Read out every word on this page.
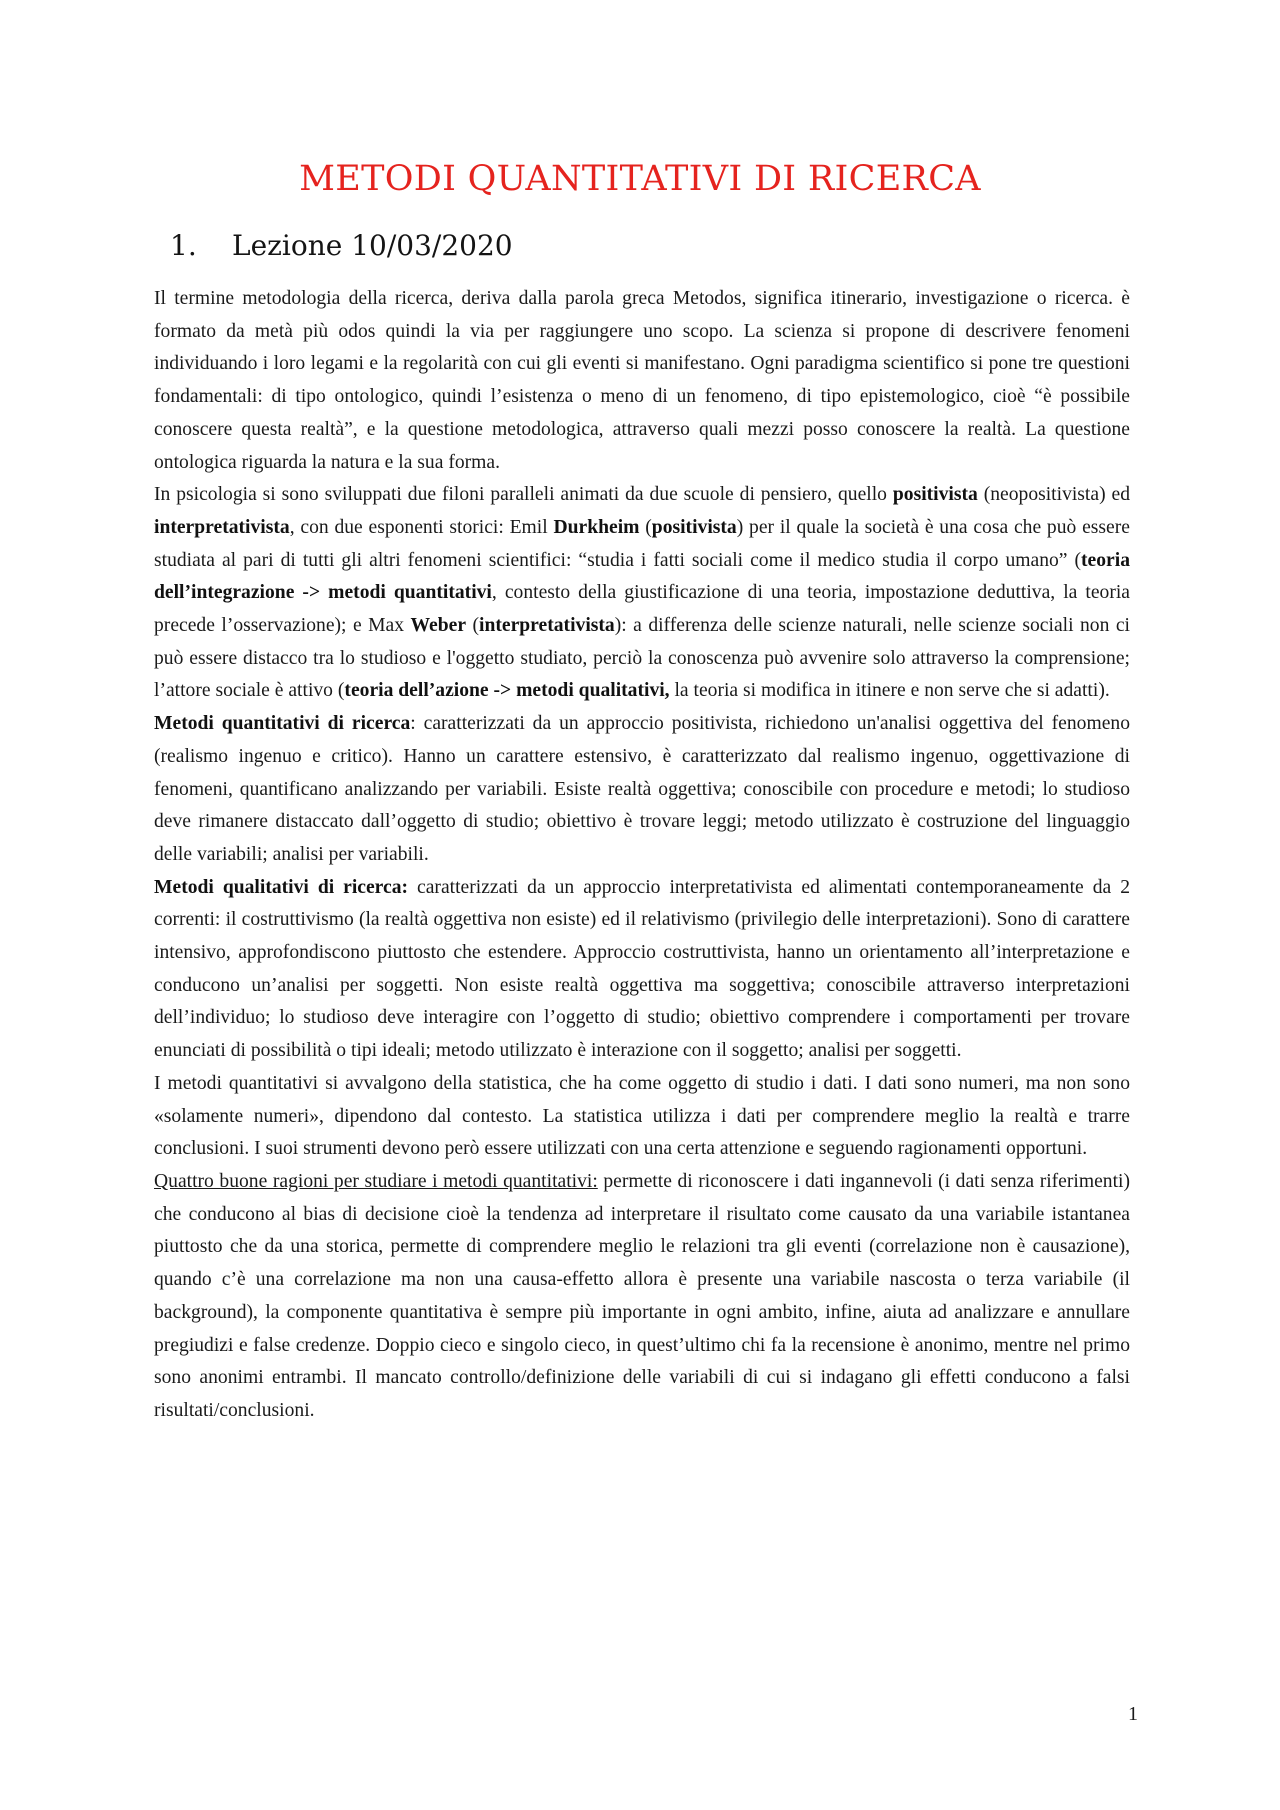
METODI QUANTITATIVI DI RICERCA
1. Lezione 10/03/2020

Il termine metodologia della ricerca, deriva dalla parola greca Metodos, significa itinerario, investigazione o ricerca. è formato da metà più odos quindi la via per raggiungere uno scopo. La scienza si propone di descrivere fenomeni individuando i loro legami e la regolarità con cui gli eventi si manifestano. Ogni paradigma scientifico si pone tre questioni fondamentali: di tipo ontologico, quindi l’esistenza o meno di un fenomeno, di tipo epistemologico, cioè “è possibile conoscere questa realtà”, e la questione metodologica, attraverso quali mezzi posso conoscere la realtà. La questione ontologica riguarda la natura e la sua forma.

In psicologia si sono sviluppati due filoni paralleli animati da due scuole di pensiero, quello positivista (neopositivista) ed interpretativista, con due esponenti storici: Emil Durkheim (positivista) per il quale la società è una cosa che può essere studiata al pari di tutti gli altri fenomeni scientifici: “studia i fatti sociali come il medico studia il corpo umano” (teoria dell’integrazione -> metodi quantitativi, contesto della giustificazione di una teoria, impostazione deduttiva, la teoria precede l’osservazione); e Max Weber (interpretativista): a differenza delle scienze naturali, nelle scienze sociali non ci può essere distacco tra lo studioso e l'oggetto studiato, perciò la conoscenza può avvenire solo attraverso la comprensione; l’attore sociale è attivo (teoria dell’azione -> metodi qualitativi, la teoria si modifica in itinere e non serve che si adatti).

Metodi quantitativi di ricerca: caratterizzati da un approccio positivista, richiedono un'analisi oggettiva del fenomeno (realismo ingenuo e critico). Hanno un carattere estensivo, è caratterizzato dal realismo ingenuo, oggettivazione di fenomeni, quantificano analizzando per variabili. Esiste realtà oggettiva; conoscibile con procedure e metodi; lo studioso deve rimanere distaccato dall’oggetto di studio; obiettivo è trovare leggi; metodo utilizzato è costruzione del linguaggio delle variabili; analisi per variabili.

Metodi qualitativi di ricerca: caratterizzati da un approccio interpretativista ed alimentati contemporaneamente da 2 correnti: il costruttivismo (la realtà oggettiva non esiste) ed il relativismo (privilegio delle interpretazioni). Sono di carattere intensivo, approfondiscono piuttosto che estendere. Approccio costruttivista, hanno un orientamento all’interpretazione e conducono un’analisi per soggetti. Non esiste realtà oggettiva ma soggettiva; conoscibile attraverso interpretazioni dell’individuo; lo studioso deve interagire con l’oggetto di studio; obiettivo comprendere i comportamenti per trovare enunciati di possibilità o tipi ideali; metodo utilizzato è interazione con il soggetto; analisi per soggetti.

I metodi quantitativi si avvalgono della statistica, che ha come oggetto di studio i dati. I dati sono numeri, ma non sono «solamente numeri», dipendono dal contesto. La statistica utilizza i dati per comprendere meglio la realtà e trarre conclusioni. I suoi strumenti devono però essere utilizzati con una certa attenzione e seguendo ragionamenti opportuni.

Quattro buone ragioni per studiare i metodi quantitativi: permette di riconoscere i dati ingannevoli (i dati senza riferimenti) che conducono al bias di decisione cioè la tendenza ad interpretare il risultato come causato da una variabile istantanea piuttosto che da una storica, permette di comprendere meglio le relazioni tra gli eventi (correlazione non è causazione), quando c’è una correlazione ma non una causa-effetto allora è presente una variabile nascosta o terza variabile (il background), la componente quantitativa è sempre più importante in ogni ambito, infine, aiuta ad analizzare e annullare pregiudizi e false credenze. Doppio cieco e singolo cieco, in quest’ultimo chi fa la recensione è anonimo, mentre nel primo sono anonimi entrambi. Il mancato controllo/definizione delle variabili di cui si indagano gli effetti conducono a falsi risultati/conclusioni.

1
